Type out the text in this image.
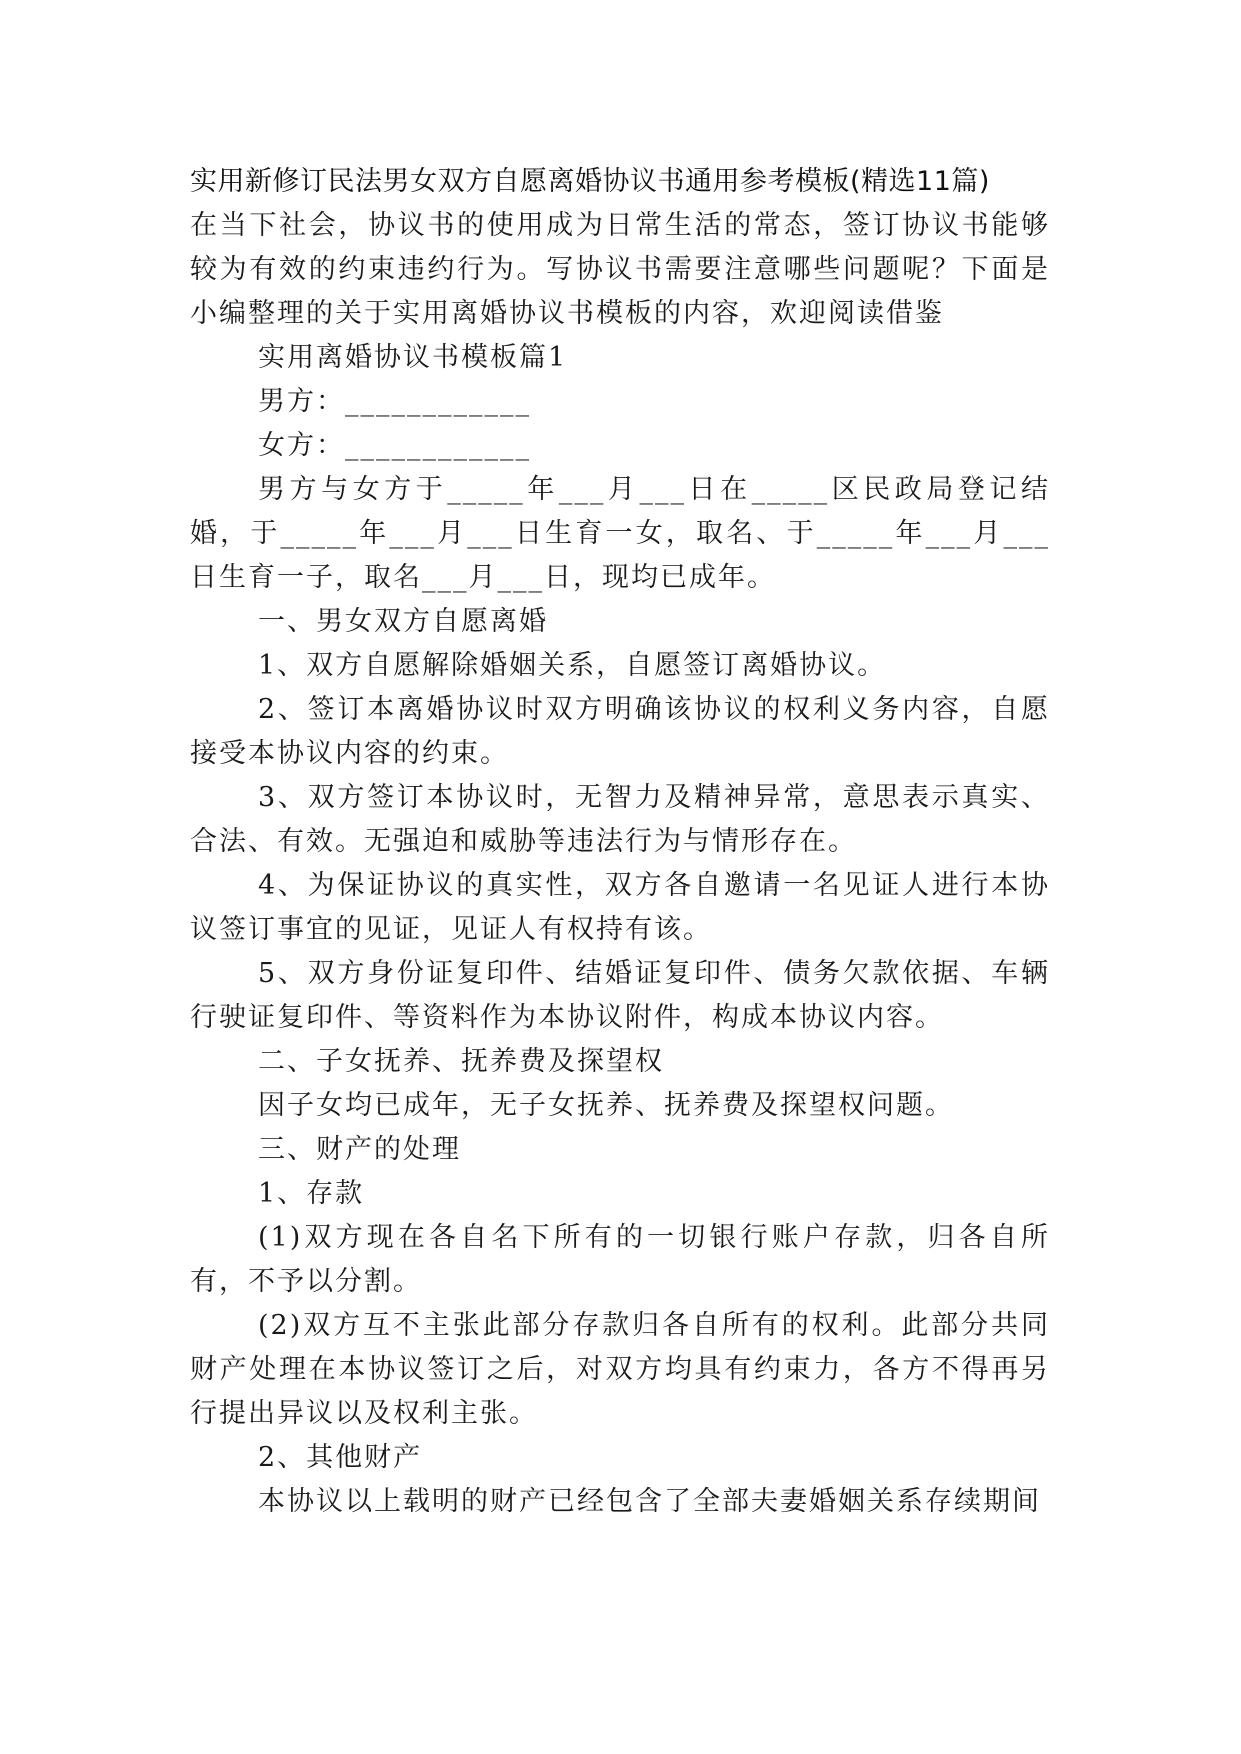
实用新修订民法男女双方自愿离婚协议书通用参考模板(精选11篇)

在当下社会，协议书的使用成为日常生活的常态，签订协议书能够较为有效的约束违约行为。写协议书需要注意哪些问题呢？下面是小编整理的关于实用离婚协议书模板的内容，欢迎阅读借鉴

实用离婚协议书模板篇1

男方：____________

女方：____________

男方与女方于_____年___月___日在_____区民政局登记结婚，于_____年___月___日生育一女，取名、于_____年___月___日生育一子，取名___月___日，现均已成年。

一、男女双方自愿离婚

1、双方自愿解除婚姻关系，自愿签订离婚协议。

2、签订本离婚协议时双方明确该协议的权利义务内容，自愿接受本协议内容的约束。

3、双方签订本协议时，无智力及精神异常，意思表示真实、合法、有效。无强迫和威胁等违法行为与情形存在。

4、为保证协议的真实性，双方各自邀请一名见证人进行本协议签订事宜的见证，见证人有权持有该。

5、双方身份证复印件、结婚证复印件、债务欠款依据、车辆行驶证复印件、等资料作为本协议附件，构成本协议内容。

二、子女抚养、抚养费及探望权

因子女均已成年，无子女抚养、抚养费及探望权问题。

三、财产的处理

1、存款

(1)双方现在各自名下所有的一切银行账户存款，归各自所有，不予以分割。

(2)双方互不主张此部分存款归各自所有的权利。此部分共同财产处理在本协议签订之后，对双方均具有约束力，各方不得再另行提出异议以及权利主张。

2、其他财产

本协议以上载明的财产已经包含了全部夫妻婚姻关系存续期间
